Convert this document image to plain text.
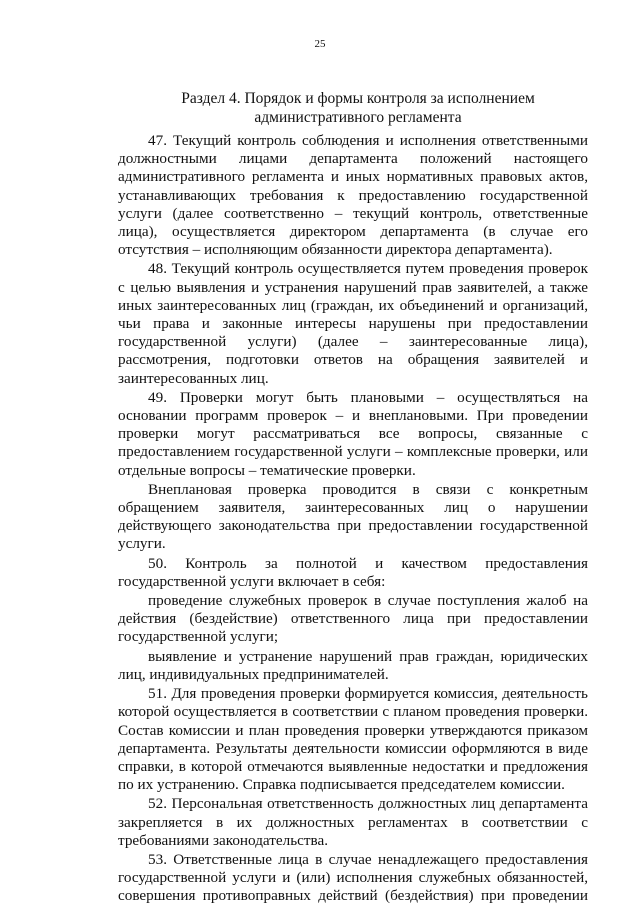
25
Раздел 4. Порядок и формы контроля за исполнением
административного регламента

47. Текущий контроль соблюдения и исполнения ответственными должностными лицами департамента положений настоящего административного регламента и иных нормативных правовых актов, устанавливающих требования к предоставлению государственной услуги (далее соответственно – текущий контроль, ответственные лица), осуществляется директором департамента (в случае его отсутствия – исполняющим обязанности директора департамента).

48. Текущий контроль осуществляется путем проведения проверок с целью выявления и устранения нарушений прав заявителей, а также иных заинтересованных лиц (граждан, их объединений и организаций, чьи права и законные интересы нарушены при предоставлении государственной услуги) (далее – заинтересованные лица), рассмотрения, подготовки ответов на обращения заявителей и заинтересованных лиц.

49. Проверки могут быть плановыми – осуществляться на основании программ проверок – и внеплановыми. При проведении проверки могут рассматриваться все вопросы, связанные с предоставлением государственной услуги – комплексные проверки, или отдельные вопросы – тематические проверки.

Внеплановая проверка проводится в связи с конкретным обращением заявителя, заинтересованных лиц о нарушении действующего законодательства при предоставлении государственной услуги.

50. Контроль за полнотой и качеством предоставления государственной услуги включает в себя:

проведение служебных проверок в случае поступления жалоб на действия (бездействие) ответственного лица при предоставлении государственной услуги;

выявление и устранение нарушений прав граждан, юридических лиц, индивидуальных предпринимателей.

51. Для проведения проверки формируется комиссия, деятельность которой осуществляется в соответствии с планом проведения проверки. Состав комиссии и план проведения проверки утверждаются приказом департамента. Результаты деятельности комиссии оформляются в виде справки, в которой отмечаются выявленные недостатки и предложения по их устранению. Справка подписывается председателем комиссии.

52. Персональная ответственность должностных лиц департамента закрепляется в их должностных регламентах в соответствии с требованиями законодательства.

53. Ответственные лица в случае ненадлежащего предоставления государственной услуги и (или) исполнения служебных обязанностей, совершения противоправных действий (бездействия) при проведении
